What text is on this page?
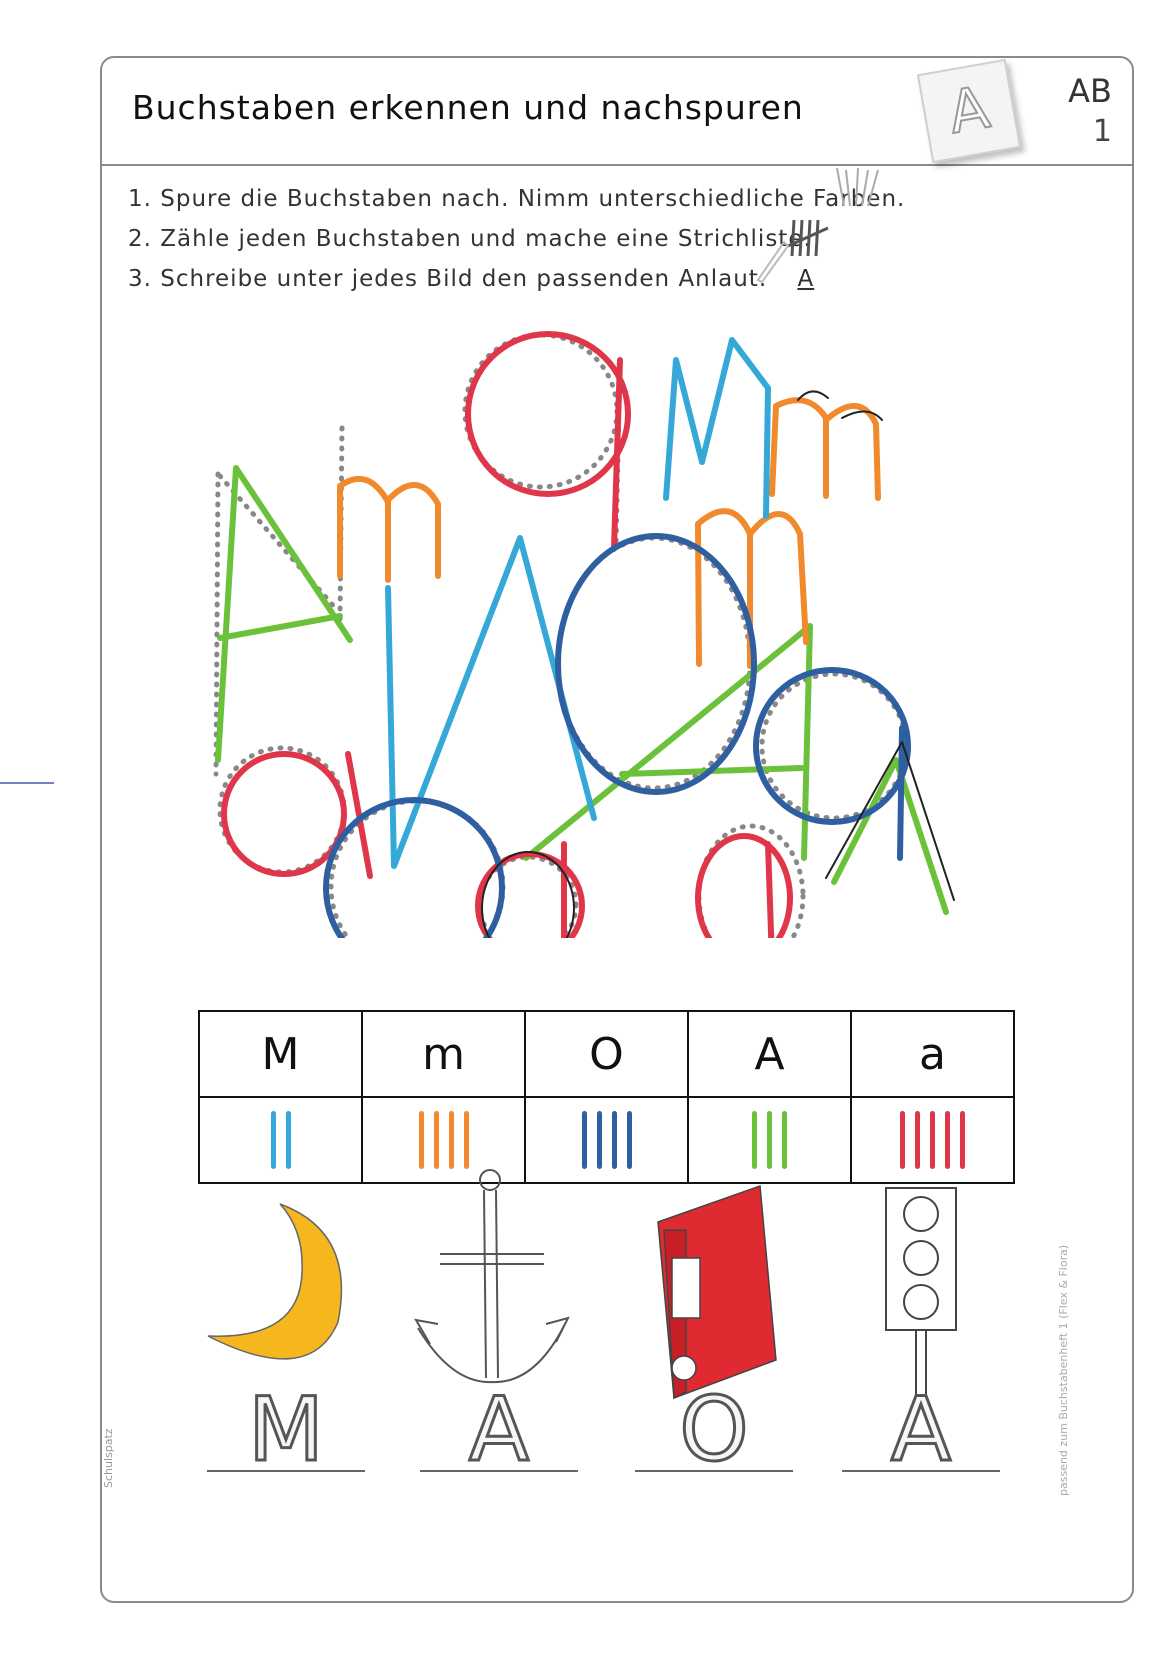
Buchstaben erkennen und nachspuren	A	AB
1
1. Spure die Buchstaben nach. Nimm unterschiedliche Farben.
2. Zähle jeden Buchstaben und mache eine Strichliste.
3. Schreibe unter jedes Bild den passenden Anlaut. A
M	m	O	A	a

M	A	O	A
Schulspatz	passend zum Buchstabenheft 1 (Flex & Flora)
